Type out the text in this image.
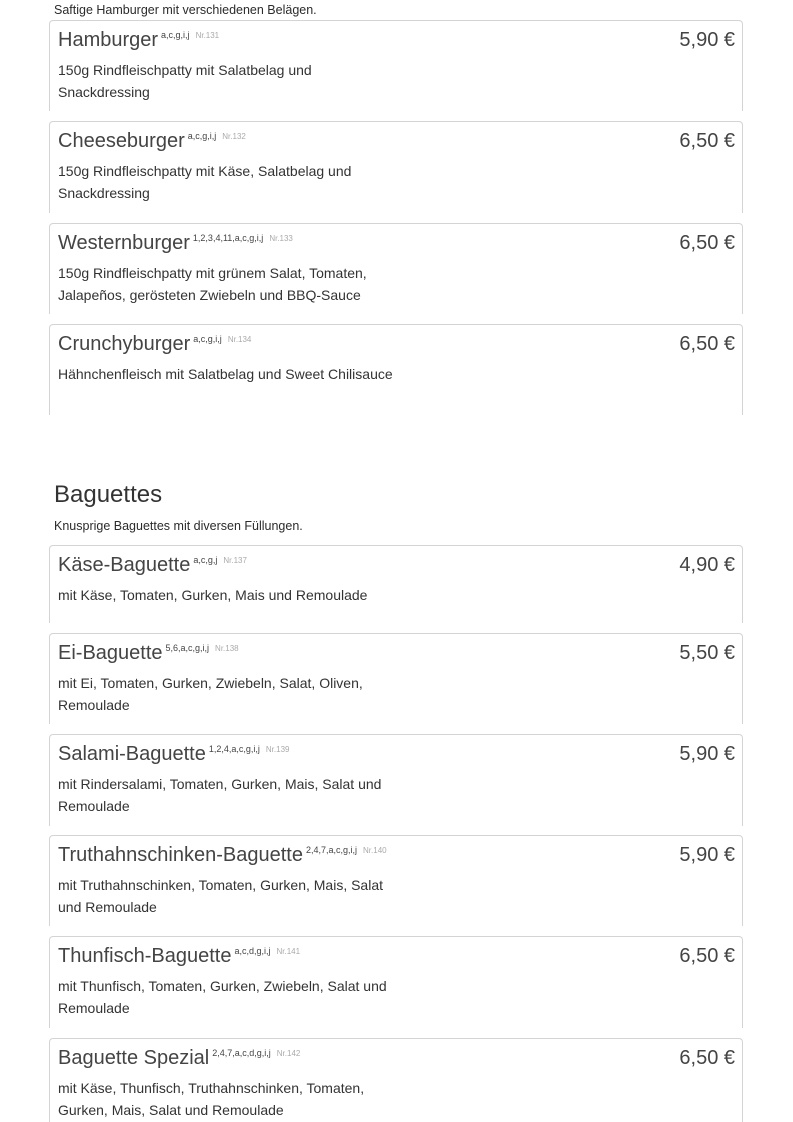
Saftige Hamburger mit verschiedenen Belägen.

Hamburger $^{a,c,g,i,j}$ $^{Nr.131}$	5,90 €

150g Rindfleischpatty mit Salatbelag und Snackdressing

Cheeseburger $^{a,c,g,i,j}$ $^{Nr.132}$	6,50 €

150g Rindfleischpatty mit Käse, Salatbelag und Snackdressing

Westernburger $^{1,2,3,4,11,a,c,g,i,j}$ $^{Nr.133}$	6,50 €

150g Rindfleischpatty mit grünem Salat, Tomaten, Jalapeños, gerösteten Zwiebeln und BBQ-Sauce

Crunchyburger $^{a,c,g,i,j}$ $^{Nr.134}$	6,50 €

Hähnchenfleisch mit Salatbelag und Sweet Chilisauce

Baguettes

Knusprige Baguettes mit diversen Füllungen.

Käse-Baguette $^{a,c,g,j}$ $^{Nr.137}$	4,90 €

mit Käse, Tomaten, Gurken, Mais und Remoulade

Ei-Baguette $^{5,6,a,c,g,i,j}$ $^{Nr.138}$	5,50 €

mit Ei, Tomaten, Gurken, Zwiebeln, Salat, Oliven, Remoulade

Salami-Baguette $^{1,2,4,a,c,g,i,j}$ $^{Nr.139}$	5,90 €

mit Rindersalami, Tomaten, Gurken, Mais, Salat und Remoulade

Truthahnschinken-Baguette $^{2,4,7,a,c,g,i,j}$ $^{Nr.140}$	5,90 €

mit Truthahnschinken, Tomaten, Gurken, Mais, Salat und Remoulade

Thunfisch-Baguette $^{a,c,d,g,i,j}$ $^{Nr.141}$	6,50 €

mit Thunfisch, Tomaten, Gurken, Zwiebeln, Salat und Remoulade

Baguette Spezial $^{2,4,7,a,c,d,g,i,j}$ $^{Nr.142}$	6,50 €

mit Käse, Thunfisch, Truthahnschinken, Tomaten, Gurken, Mais, Salat und Remoulade
